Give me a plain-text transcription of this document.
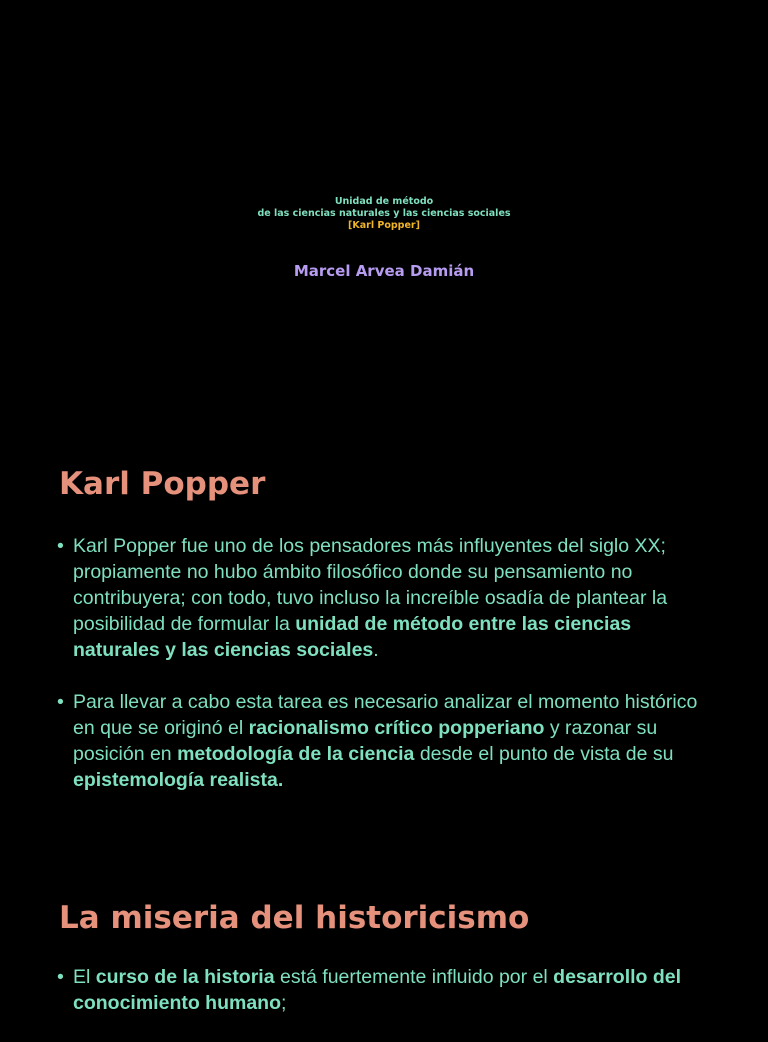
Unidad de método
de las ciencias naturales y las ciencias sociales
[Karl Popper]
Marcel Arvea Damián
Karl Popper
• Karl Popper fue uno de los pensadores más influyentes del siglo XX; propiamente no hubo ámbito filosófico donde su pensamiento no contribuyera; con todo, tuvo incluso la increíble osadía de plantear la posibilidad de formular la unidad de método entre las ciencias naturales y las ciencias sociales.
• Para llevar a cabo esta tarea es necesario analizar el momento histórico en que se originó el racionalismo crítico popperiano y razonar su posición en metodología de la ciencia desde el punto de vista de su epistemología realista.
La miseria del historicismo
• El curso de la historia está fuertemente influido por el desarrollo del conocimiento humano;
